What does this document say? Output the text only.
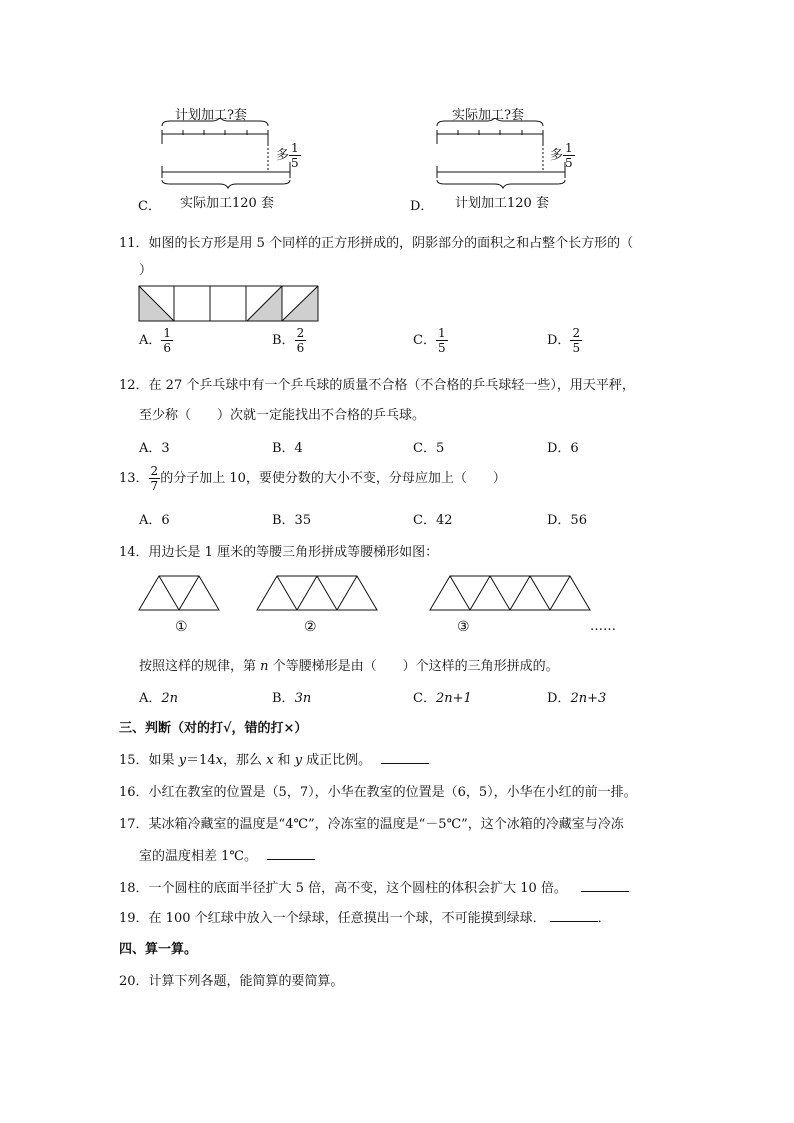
计划加工?套
多 $\frac{1}{5}$
C． 实际加工120 套
实际加工?套
多 $\frac{1}{5}$
D． 计划加工120 套
11．如图的长方形是用 5 个同样的正方形拼成的，阴影部分的面积之和占整个长方形的（
）
A． $\frac{1}{6}$	B． $\frac{2}{6}$	C． $\frac{1}{5}$	D． $\frac{2}{5}$
12．在 27 个乒乓球中有一个乒乓球的质量不合格（不合格的乒乓球轻一些），用天平秤，
至少称（　　）次就一定能找出不合格的乒乓球。
A．3	B．4	C．5	D．6
13． $\frac{2}{7}$ 的分子加上 10，要使分数的大小不变，分母应加上（　　）
A．6	B．35	C．42	D．56
14．用边长是 1 厘米的等腰三角形拼成等腰梯形如图：
①	②	③	……
按照这样的规律，第 n 个等腰梯形是由（　　）个这样的三角形拼成的。
A．2n	B．3n	C．2n+1	D．2n+3
三、判断（对的打√，错的打×）
15．如果 y＝14x，那么 x 和 y 成正比例。
16．小红在教室的位置是（5，7），小华在教室的位置是（6，5），小华在小红的前一排。
17．某冰箱冷藏室的温度是“4℃”，冷冻室的温度是“－5℃”，这个冰箱的冷藏室与冷冻
室的温度相差 1℃。
18．一个圆柱的底面半径扩大 5 倍，高不变，这个圆柱的体积会扩大 10 倍。
19．在 100 个红球中放入一个绿球，任意摸出一个球，不可能摸到绿球．	．
四、算一算。
20．计算下列各题，能简算的要简算。
